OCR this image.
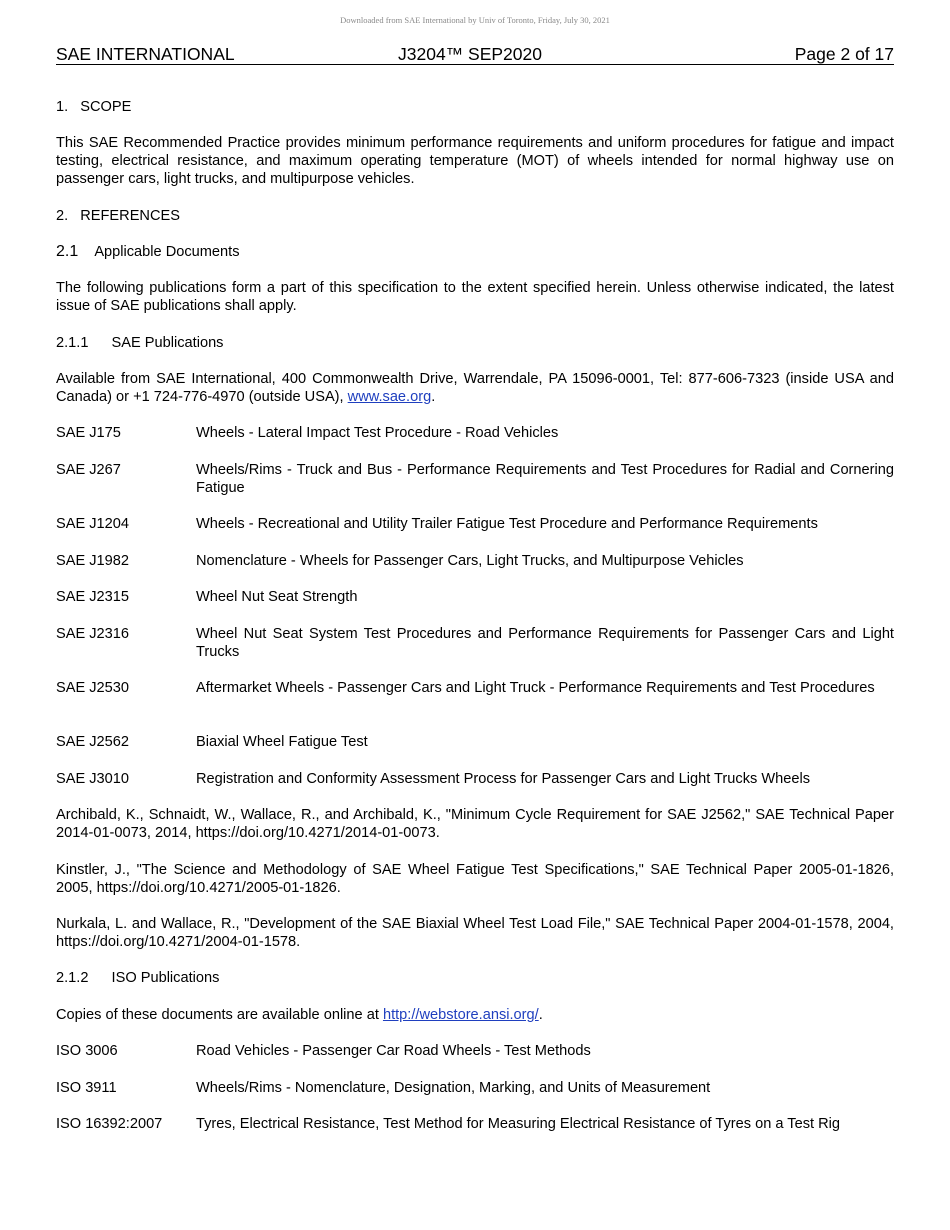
Downloaded from SAE International by Univ of Toronto, Friday, July 30, 2021
SAE INTERNATIONAL	J3204™ SEP2020	Page 2 of 17
1. SCOPE
This SAE Recommended Practice provides minimum performance requirements and uniform procedures for fatigue and impact testing, electrical resistance, and maximum operating temperature (MOT) of wheels intended for normal highway use on passenger cars, light trucks, and multipurpose vehicles.
2. REFERENCES
2.1 Applicable Documents
The following publications form a part of this specification to the extent specified herein. Unless otherwise indicated, the latest issue of SAE publications shall apply.
2.1.1 SAE Publications
Available from SAE International, 400 Commonwealth Drive, Warrendale, PA 15096-0001, Tel: 877-606-7323 (inside USA and Canada) or +1 724-776-4970 (outside USA), www.sae.org.
SAE J175	Wheels - Lateral Impact Test Procedure - Road Vehicles
SAE J267	Wheels/Rims - Truck and Bus - Performance Requirements and Test Procedures for Radial and Cornering Fatigue
SAE J1204	Wheels - Recreational and Utility Trailer Fatigue Test Procedure and Performance Requirements
SAE J1982	Nomenclature - Wheels for Passenger Cars, Light Trucks, and Multipurpose Vehicles
SAE J2315	Wheel Nut Seat Strength
SAE J2316	Wheel Nut Seat System Test Procedures and Performance Requirements for Passenger Cars and Light Trucks
SAE J2530	Aftermarket Wheels - Passenger Cars and Light Truck - Performance Requirements and Test Procedures
SAE J2562	Biaxial Wheel Fatigue Test
SAE J3010	Registration and Conformity Assessment Process for Passenger Cars and Light Trucks Wheels
Archibald, K., Schnaidt, W., Wallace, R., and Archibald, K., "Minimum Cycle Requirement for SAE J2562," SAE Technical Paper 2014-01-0073, 2014, https://doi.org/10.4271/2014-01-0073.
Kinstler, J., "The Science and Methodology of SAE Wheel Fatigue Test Specifications," SAE Technical Paper 2005-01-1826, 2005, https://doi.org/10.4271/2005-01-1826.
Nurkala, L. and Wallace, R., "Development of the SAE Biaxial Wheel Test Load File," SAE Technical Paper 2004-01-1578, 2004, https://doi.org/10.4271/2004-01-1578.
2.1.2 ISO Publications
Copies of these documents are available online at http://webstore.ansi.org/.
ISO 3006	Road Vehicles - Passenger Car Road Wheels - Test Methods
ISO 3911	Wheels/Rims - Nomenclature, Designation, Marking, and Units of Measurement
ISO 16392:2007 Tyres, Electrical Resistance, Test Method for Measuring Electrical Resistance of Tyres on a Test Rig
